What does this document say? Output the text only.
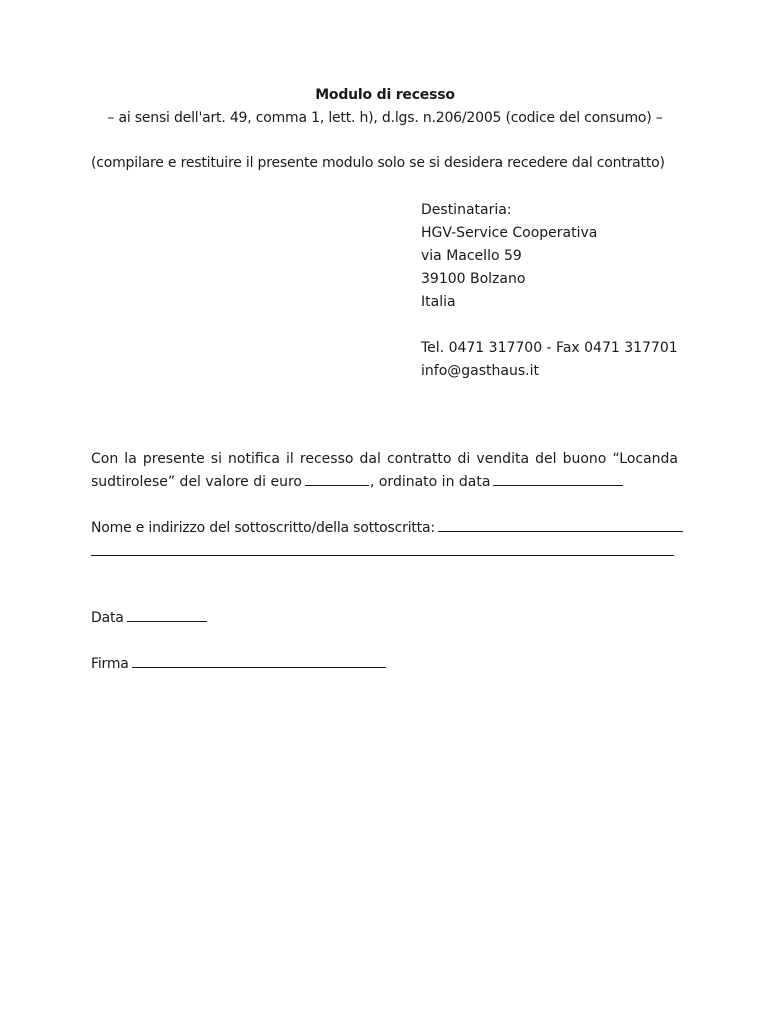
Modulo di recesso
– ai sensi dell'art. 49, comma 1, lett. h), d.lgs. n.206/2005 (codice del consumo) –
(compilare e restituire il presente modulo solo se si desidera recedere dal contratto)
Destinataria:
HGV-Service Cooperativa
via Macello 59
39100 Bolzano
Italia
Tel. 0471 317700 - Fax 0471 317701
info@gasthaus.it
Con la presente si notifica il recesso dal contratto di vendita del buono “Locanda
sudtirolese” del valore di euro	, ordinato in data
Nome e indirizzo del sottoscritto/della sottoscritta:
Data
Firma
